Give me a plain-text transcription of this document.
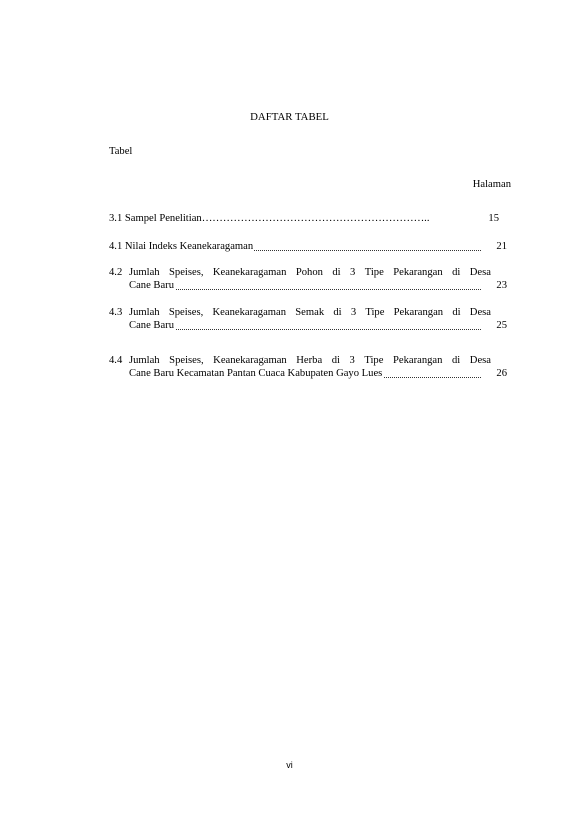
DAFTAR TABEL
Tabel
Halaman
3.1 Sampel Penelitian………………………………………………………..	15
4.1 Nilai Indeks Keanekaragaman	21
4.2 Jumlah Speises, Keanekaragaman Pohon di 3 Tipe Pekarangan di Desa
Cane Baru	23
4.3 Jumlah Speises, Keanekaragaman Semak di 3 Tipe Pekarangan di Desa
Cane Baru	25
4.4 Jumlah Speises, Keanekaragaman Herba di 3 Tipe Pekarangan di Desa
Cane Baru Kecamatan Pantan Cuaca Kabupaten Gayo Lues	26
vi
